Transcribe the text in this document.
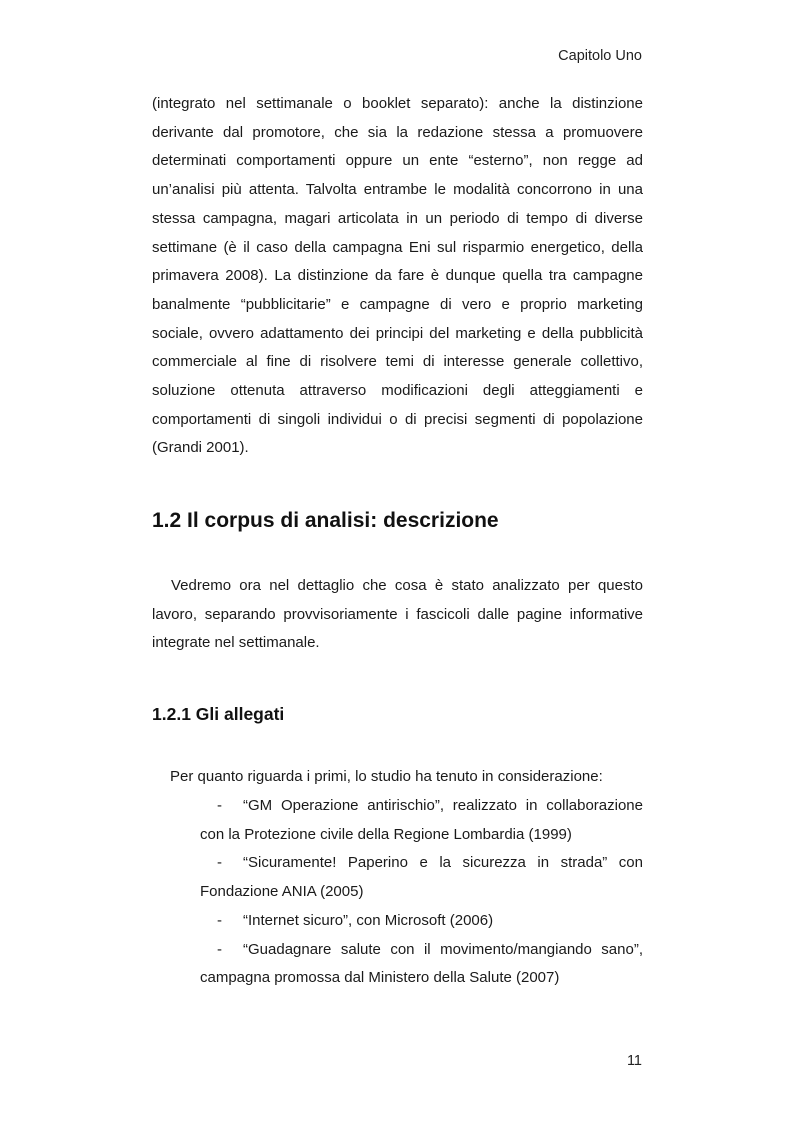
Capitolo Uno

(integrato nel settimanale o booklet separato): anche la distinzione derivante dal promotore, che sia la redazione stessa a promuovere determinati comportamenti oppure un ente “esterno”, non regge ad un’analisi più attenta. Talvolta entrambe le modalità concorrono in una stessa campagna, magari articolata in un periodo di tempo di diverse settimane (è il caso della campagna Eni sul risparmio energetico, della primavera 2008). La distinzione da fare è dunque quella tra campagne banalmente “pubblicitarie” e campagne di vero e proprio marketing sociale, ovvero adattamento dei principi del marketing e della pubblicità commerciale al fine di risolvere temi di interesse generale collettivo, soluzione ottenuta attraverso modificazioni degli atteggiamenti e comportamenti di singoli individui o di precisi segmenti di popolazione (Grandi 2001).

1.2 Il corpus di analisi: descrizione

Vedremo ora nel dettaglio che cosa è stato analizzato per questo lavoro, separando provvisoriamente i fascicoli dalle pagine informative integrate nel settimanale.

1.2.1 Gli allegati
Per quanto riguarda i primi, lo studio ha tenuto in considerazione:
- “GM Operazione antirischio”, realizzato in collaborazione con la Protezione civile della Regione Lombardia (1999)
- “Sicuramente! Paperino e la sicurezza in strada” con Fondazione ANIA (2005)
- “Internet sicuro”, con Microsoft (2006)
- “Guadagnare salute con il movimento/mangiando sano”, campagna promossa dal Ministero della Salute (2007)
11
